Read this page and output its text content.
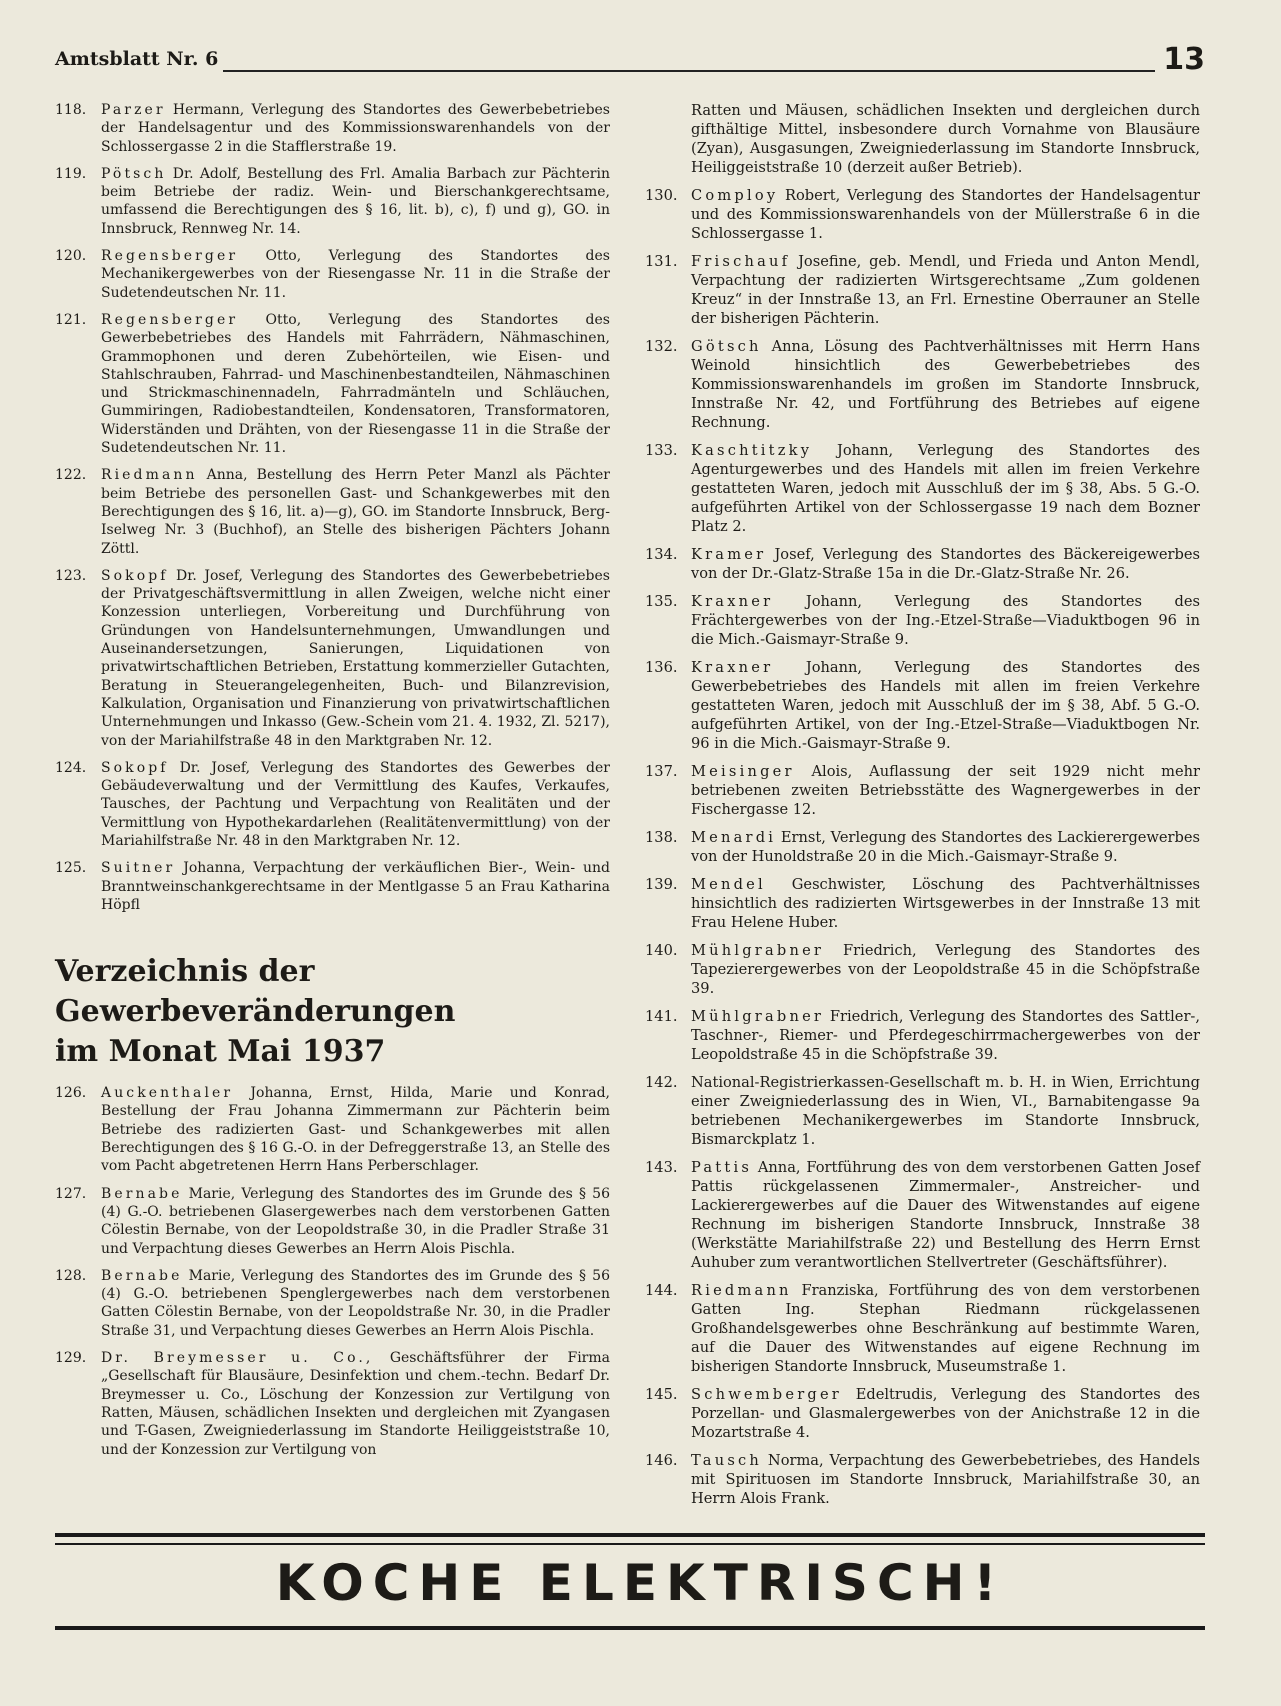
Amtsblatt Nr. 6	13
118.	Parzer Hermann, Verlegung des Standortes des Gewerbebetriebes der Handelsagentur und des Kommissionswarenhandels von der Schlossergasse 2 in die Stafflerstraße 19.
119.	Pötsch Dr. Adolf, Bestellung des Frl. Amalia Barbach zur Pächterin beim Betriebe der radiz. Wein- und Bierschankgerechtsame, umfassend die Berechtigungen des § 16, lit. b), c), f) und g), GO. in Innsbruck, Rennweg Nr. 14.
120.	Regensberger Otto, Verlegung des Standortes des Mechanikergewerbes von der Riesengasse Nr. 11 in die Straße der Sudetendeutschen Nr. 11.
121.	Regensberger Otto, Verlegung des Standortes des Gewerbebetriebes des Handels mit Fahrrädern, Nähmaschinen, Grammophonen und deren Zubehörteilen, wie Eisen- und Stahlschrauben, Fahrrad- und Maschinenbestandteilen, Nähmaschinen und Strickmaschinennadeln, Fahrradmänteln und Schläuchen, Gummiringen, Radiobestandteilen, Kondensatoren, Transformatoren, Widerständen und Drähten, von der Riesengasse 11 in die Straße der Sudetendeutschen Nr. 11.
122.	Riedmann Anna, Bestellung des Herrn Peter Manzl als Pächter beim Betriebe des personellen Gast- und Schankgewerbes mit den Berechtigungen des § 16, lit. a)—g), GO. im Standorte Innsbruck, Berg-Iselweg Nr. 3 (Buchhof), an Stelle des bisherigen Pächters Johann Zöttl.
123.	Sokopf Dr. Josef, Verlegung des Standortes des Gewerbebetriebes der Privatgeschäftsvermittlung in allen Zweigen, welche nicht einer Konzession unterliegen, Vorbereitung und Durchführung von Gründungen von Handelsunternehmungen, Umwandlungen und Auseinandersetzungen, Sanierungen, Liquidationen von privatwirtschaftlichen Betrieben, Erstattung kommerzieller Gutachten, Beratung in Steuerangelegenheiten, Buch- und Bilanzrevision, Kalkulation, Organisation und Finanzierung von privatwirtschaftlichen Unternehmungen und Inkasso (Gew.-Schein vom 21. 4. 1932, Zl. 5217), von der Mariahilfstraße 48 in den Marktgraben Nr. 12.
124.	Sokopf Dr. Josef, Verlegung des Standortes des Gewerbes der Gebäudeverwaltung und der Vermittlung des Kaufes, Verkaufes, Tausches, der Pachtung und Verpachtung von Realitäten und der Vermittlung von Hypothekardarlehen (Realitätenvermittlung) von der Mariahilfstraße Nr. 48 in den Marktgraben Nr. 12.
125.	Suitner Johanna, Verpachtung der verkäuflichen Bier-, Wein- und Branntweinschankgerechtsame in der Mentlgasse 5 an Frau Katharina Höpfl
Verzeichnis der Gewerbeveränderungen
im Monat Mai 1937
126.	Auckenthaler Johanna, Ernst, Hilda, Marie und Konrad, Bestellung der Frau Johanna Zimmermann zur Pächterin beim Betriebe des radizierten Gast- und Schankgewerbes mit allen Berechtigungen des § 16 G.-O. in der Defreggerstraße 13, an Stelle des vom Pacht abgetretenen Herrn Hans Perberschlager.
127.	Bernabe Marie, Verlegung des Standortes des im Grunde des § 56 (4) G.-O. betriebenen Glasergewerbes nach dem verstorbenen Gatten Cölestin Bernabe, von der Leopoldstraße 30, in die Pradler Straße 31 und Verpachtung dieses Gewerbes an Herrn Alois Pischla.
128.	Bernabe Marie, Verlegung des Standortes des im Grunde des § 56 (4) G.-O. betriebenen Spenglergewerbes nach dem verstorbenen Gatten Cölestin Bernabe, von der Leopoldstraße Nr. 30, in die Pradler Straße 31, und Verpachtung dieses Gewerbes an Herrn Alois Pischla.
129.	Dr. Breymesser u. Co., Geschäftsführer der Firma „Gesellschaft für Blausäure, Desinfektion und chem.-techn. Bedarf Dr. Breymesser u. Co., Löschung der Konzession zur Vertilgung von Ratten, Mäusen, schädlichen Insekten und dergleichen mit Zyangasen und T-Gasen, Zweigniederlassung im Standorte Heiliggeiststraße 10, und der Konzession zur Vertilgung von
Ratten und Mäusen, schädlichen Insekten und dergleichen durch gifthältige Mittel, insbesondere durch Vornahme von Blausäure (Zyan), Ausgasungen, Zweigniederlassung im Standorte Innsbruck, Heiliggeiststraße 10 (derzeit außer Betrieb).
130. Comploy Robert, Verlegung des Standortes der Handelsagentur und des Kommissionswarenhandels von der Müllerstraße 6 in die Schlossergasse 1.
131. Frischauf Josefine, geb. Mendl, und Frieda und Anton Mendl, Verpachtung der radizierten Wirtsgerechtsame „Zum goldenen Kreuz“ in der Innstraße 13, an Frl. Ernestine Oberrauner an Stelle der bisherigen Pächterin.
132. Götsch Anna, Lösung des Pachtverhältnisses mit Herrn Hans Weinold hinsichtlich des Gewerbebetriebes des Kommissionswarenhandels im großen im Standorte Innsbruck, Innstraße Nr. 42, und Fortführung des Betriebes auf eigene Rechnung.
133. Kaschtitzky Johann, Verlegung des Standortes des Agenturgewerbes und des Handels mit allen im freien Verkehre gestatteten Waren, jedoch mit Ausschluß der im § 38, Abs. 5 G.-O. aufgeführten Artikel von der Schlossergasse 19 nach dem Bozner Platz 2.
134. Kramer Josef, Verlegung des Standortes des Bäckereigewerbes von der Dr.-Glatz-Straße 15a in die Dr.-Glatz-Straße Nr. 26.
135. Kraxner Johann, Verlegung des Standortes des Frächtergewerbes von der Ing.-Etzel-Straße—Viaduktbogen 96 in die Mich.-Gaismayr-Straße 9.
136. Kraxner Johann, Verlegung des Standortes des Gewerbebetriebes des Handels mit allen im freien Verkehre gestatteten Waren, jedoch mit Ausschluß der im § 38, Abf. 5 G.-O. aufgeführten Artikel, von der Ing.-Etzel-Straße—Viaduktbogen Nr. 96 in die Mich.-Gaismayr-Straße 9.
137. Meisinger Alois, Auflassung der seit 1929 nicht mehr betriebenen zweiten Betriebsstätte des Wagnergewerbes in der Fischergasse 12.
138. Menardi Ernst, Verlegung des Standortes des Lackierergewerbes von der Hunoldstraße 20 in die Mich.-Gaismayr-Straße 9.
139. Mendel Geschwister, Löschung des Pachtverhältnisses hinsichtlich des radizierten Wirtsgewerbes in der Innstraße 13 mit Frau Helene Huber.
140. Mühlgrabner Friedrich, Verlegung des Standortes des Tapezierergewerbes von der Leopoldstraße 45 in die Schöpfstraße 39.
141. Mühlgrabner Friedrich, Verlegung des Standortes des Sattler-, Taschner-, Riemer- und Pferdegeschirrmachergewerbes von der Leopoldstraße 45 in die Schöpfstraße 39.
142. National-Registrierkassen-Gesellschaft m. b. H. in Wien, Errichtung einer Zweigniederlassung des in Wien, VI., Barnabitengasse 9a betriebenen Mechanikergewerbes im Standorte Innsbruck, Bismarckplatz 1.
143. Pattis Anna, Fortführung des von dem verstorbenen Gatten Josef Pattis rückgelassenen Zimmermaler-, Anstreicher- und Lackierergewerbes auf die Dauer des Witwenstandes auf eigene Rechnung im bisherigen Standorte Innsbruck, Innstraße 38 (Werkstätte Mariahilfstraße 22) und Bestellung des Herrn Ernst Auhuber zum verantwortlichen Stellvertreter (Geschäftsführer).
144. Riedmann Franziska, Fortführung des von dem verstorbenen Gatten Ing. Stephan Riedmann rückgelassenen Großhandelsgewerbes ohne Beschränkung auf bestimmte Waren, auf die Dauer des Witwenstandes auf eigene Rechnung im bisherigen Standorte Innsbruck, Museumstraße 1.
145. Schwemberger Edeltrudis, Verlegung des Standortes des Porzellan- und Glasmalergewerbes von der Anichstraße 12 in die Mozartstraße 4.
146. Tausch Norma, Verpachtung des Gewerbebetriebes, des Handels mit Spirituosen im Standorte Innsbruck, Mariahilfstraße 30, an Herrn Alois Frank.
KOCHE ELEKTRISCH!
